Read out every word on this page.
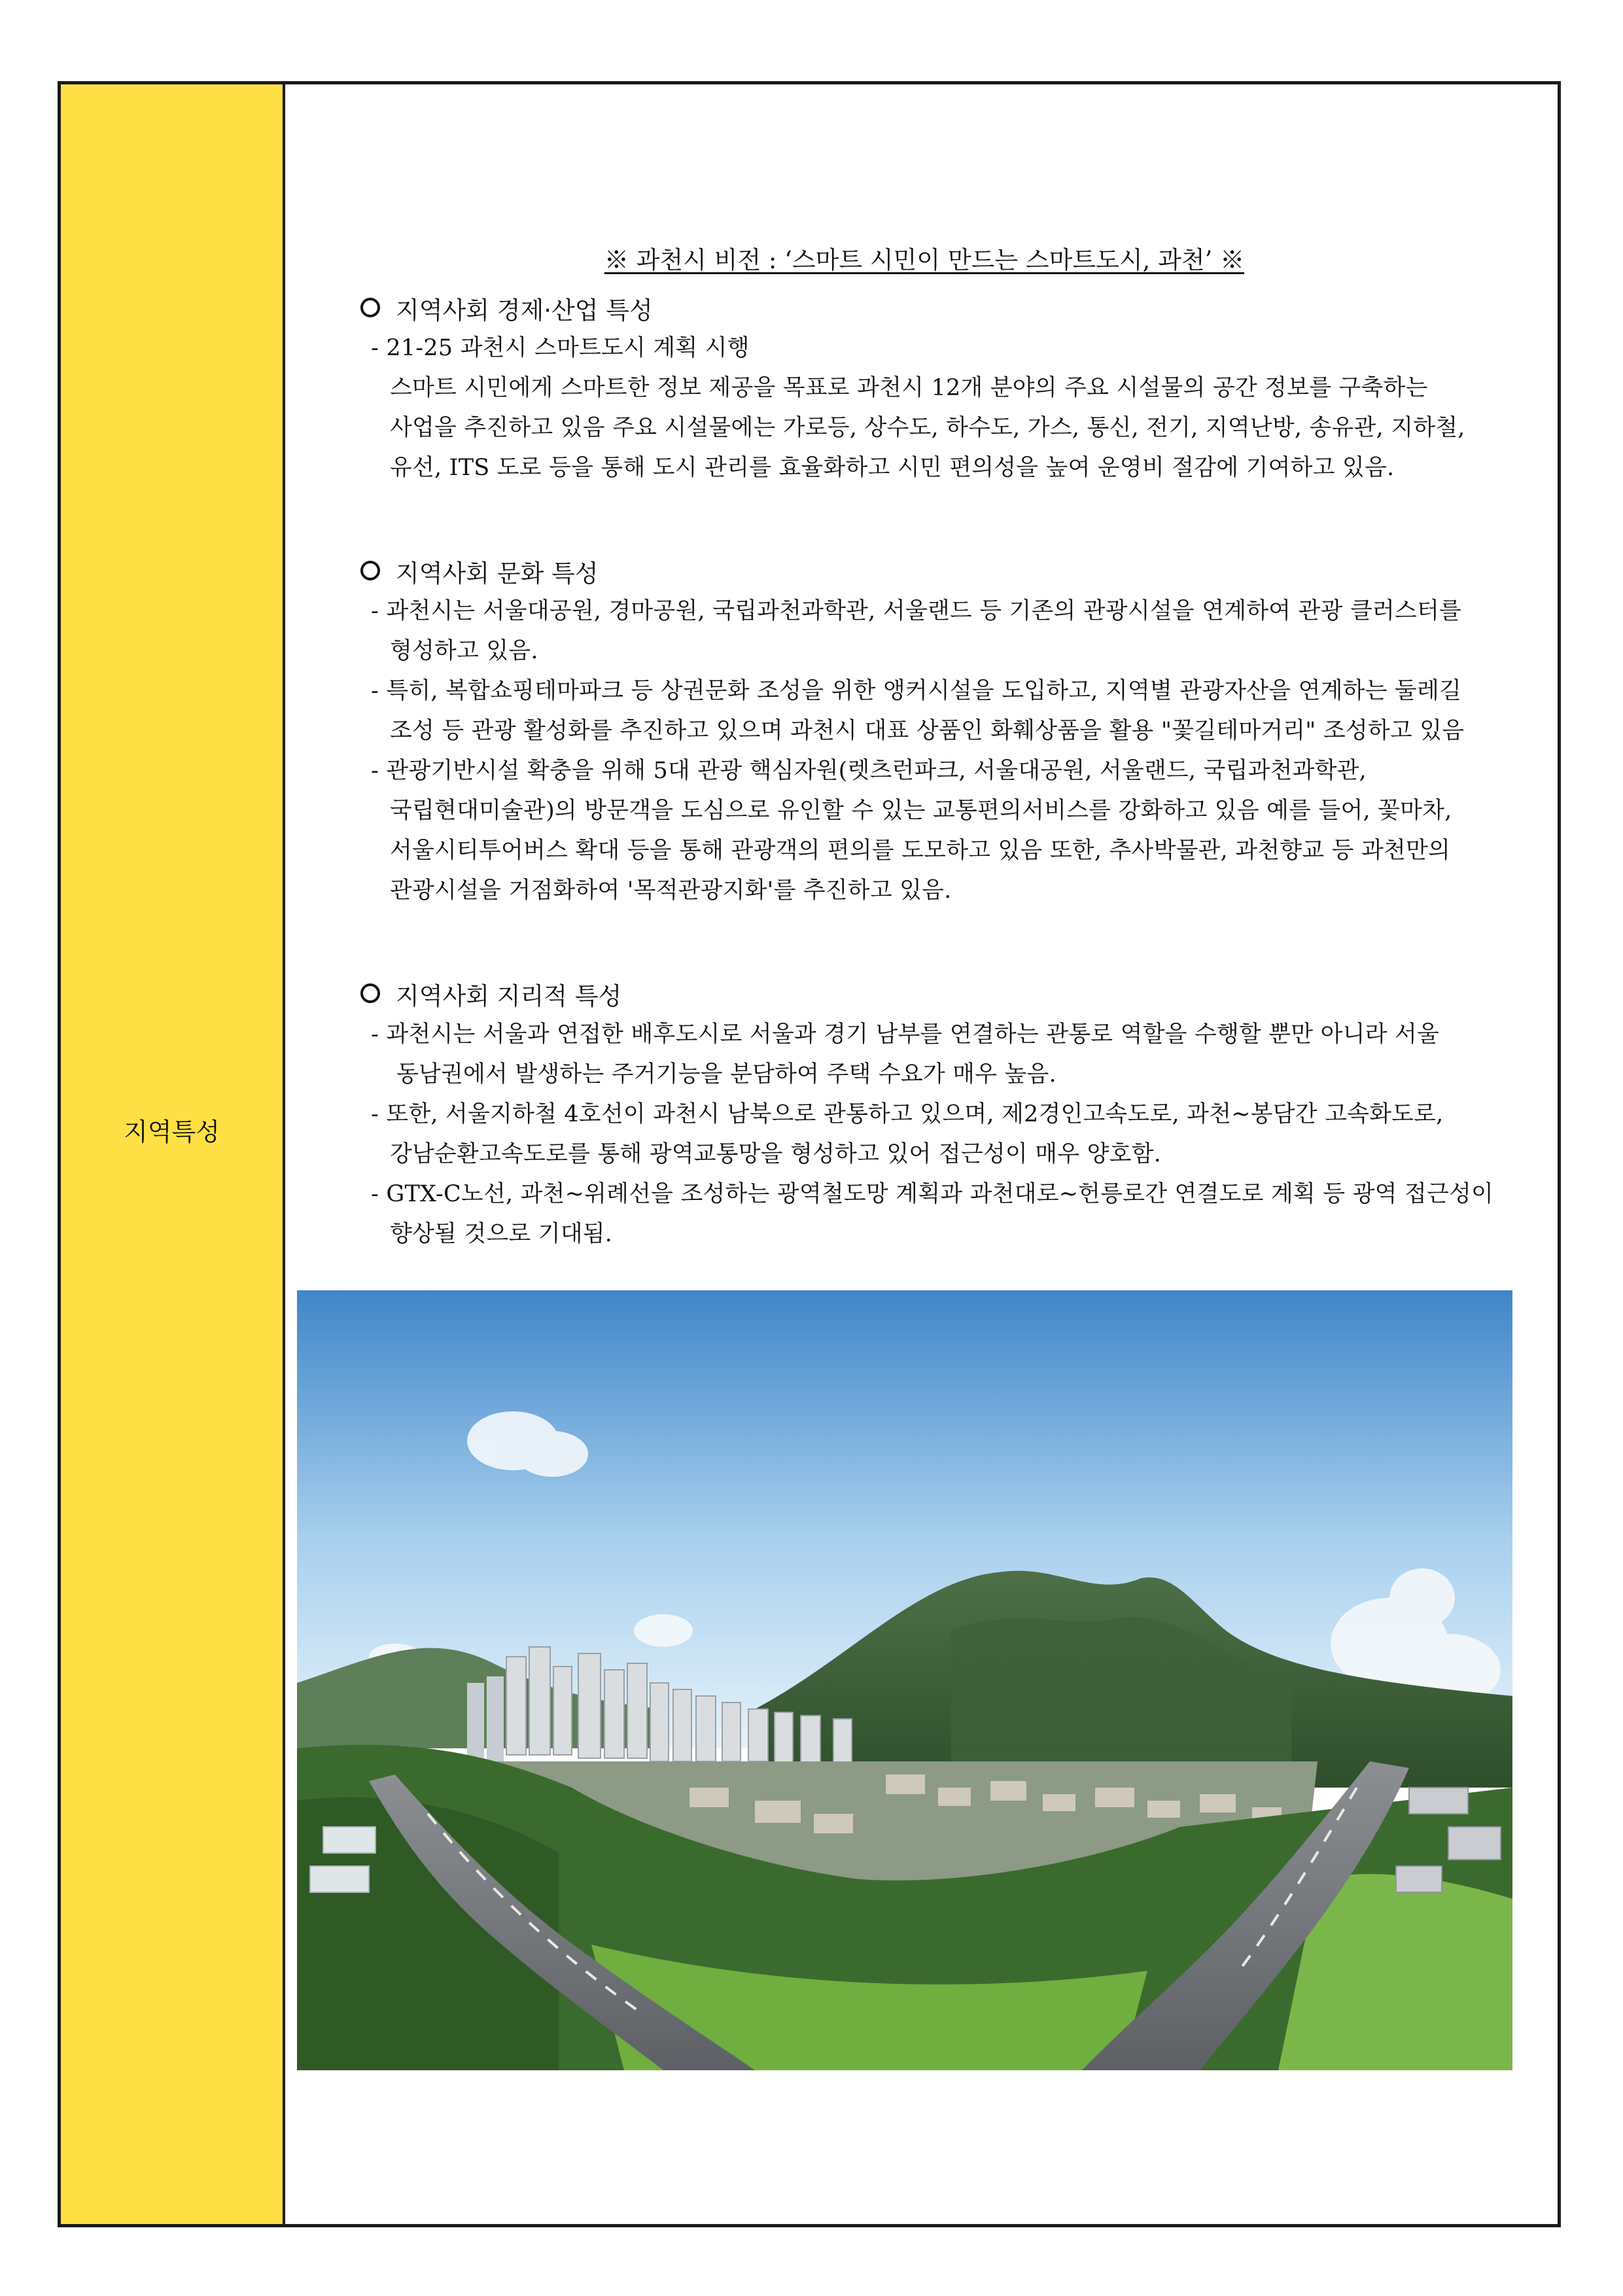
지역특성
※ 과천시 비전 : ‘스마트 시민이 만드는 스마트도시, 과천’ ※
지역사회 경제·산업 특성
- 21-25 과천시 스마트도시 계획 시행
스마트 시민에게 스마트한 정보 제공을 목표로 과천시 12개 분야의 주요 시설물의 공간 정보를 구축하는
사업을 추진하고 있음 주요 시설물에는 가로등, 상수도, 하수도, 가스, 통신, 전기, 지역난방, 송유관, 지하철,
유선, ITS 도로 등을 통해 도시 관리를 효율화하고 시민 편의성을 높여 운영비 절감에 기여하고 있음.
지역사회 문화 특성
- 과천시는 서울대공원, 경마공원, 국립과천과학관, 서울랜드 등 기존의 관광시설을 연계하여 관광 클러스터를
형성하고 있음.
- 특히, 복합쇼핑테마파크 등 상권문화 조성을 위한 앵커시설을 도입하고, 지역별 관광자산을 연계하는 둘레길
조성 등 관광 활성화를 추진하고 있으며 과천시 대표 상품인 화훼상품을 활용 "꽃길테마거리" 조성하고 있음
- 관광기반시설 확충을 위해 5대 관광 핵심자원(렛츠런파크, 서울대공원, 서울랜드, 국립과천과학관,
국립현대미술관)의 방문객을 도심으로 유인할 수 있는 교통편의서비스를 강화하고 있음 예를 들어, 꽃마차,
서울시티투어버스 확대 등을 통해 관광객의 편의를 도모하고 있음 또한, 추사박물관, 과천향교 등 과천만의
관광시설을 거점화하여 '목적관광지화'를 추진하고 있음.
지역사회 지리적 특성
- 과천시는 서울과 연접한 배후도시로 서울과 경기 남부를 연결하는 관통로 역할을 수행할 뿐만 아니라 서울
동남권에서 발생하는 주거기능을 분담하여 주택 수요가 매우 높음.
- 또한, 서울지하철 4호선이 과천시 남북으로 관통하고 있으며, 제2경인고속도로, 과천~봉담간 고속화도로,
강남순환고속도로를 통해 광역교통망을 형성하고 있어 접근성이 매우 양호함.
- GTX-C노선, 과천~위례선을 조성하는 광역철도망 계획과 과천대로~헌릉로간 연결도로 계획 등 광역 접근성이
향상될 것으로 기대됨.
